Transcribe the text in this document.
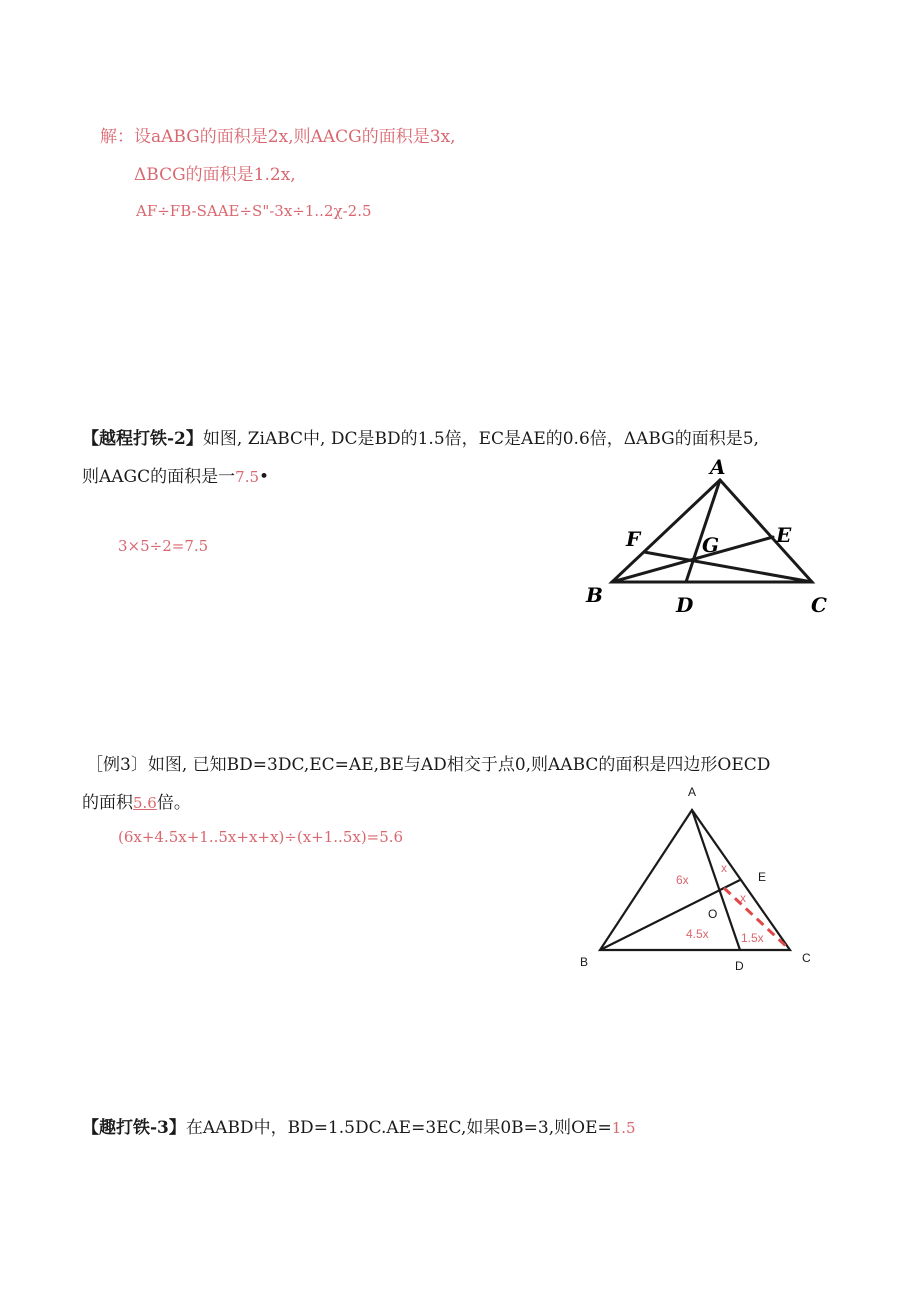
解：设aABG的面积是2x,则AACG的面积是3x,
ΔBCG的面积是1.2x,
AF÷FB-SAAE÷S"-3x÷1..2χ-2.5
【越程打铁-2】如图, ZiABC中, DC是BD的1.5倍，EC是AE的0.6倍，ΔABG的面积是5,
则AAGC的面积是一7.5•
3×5÷2=7.5
A
B	C
D
E
F	G
［例3〕如图, 已知BD=3DC,EC=AE,BE与AD相交于点0,则AABC的面积是四边形OECD
的面积5.6倍。
(6x+4.5x+1..5x+x+x)÷(x+1..5x)=5.6
A
B	C
D
E
O
6x
4.5x
x
x
1.5x
【趣打铁-3】在AABD中，BD=1.5DC.AE=3EC,如果0B=3,则OE=1.5
